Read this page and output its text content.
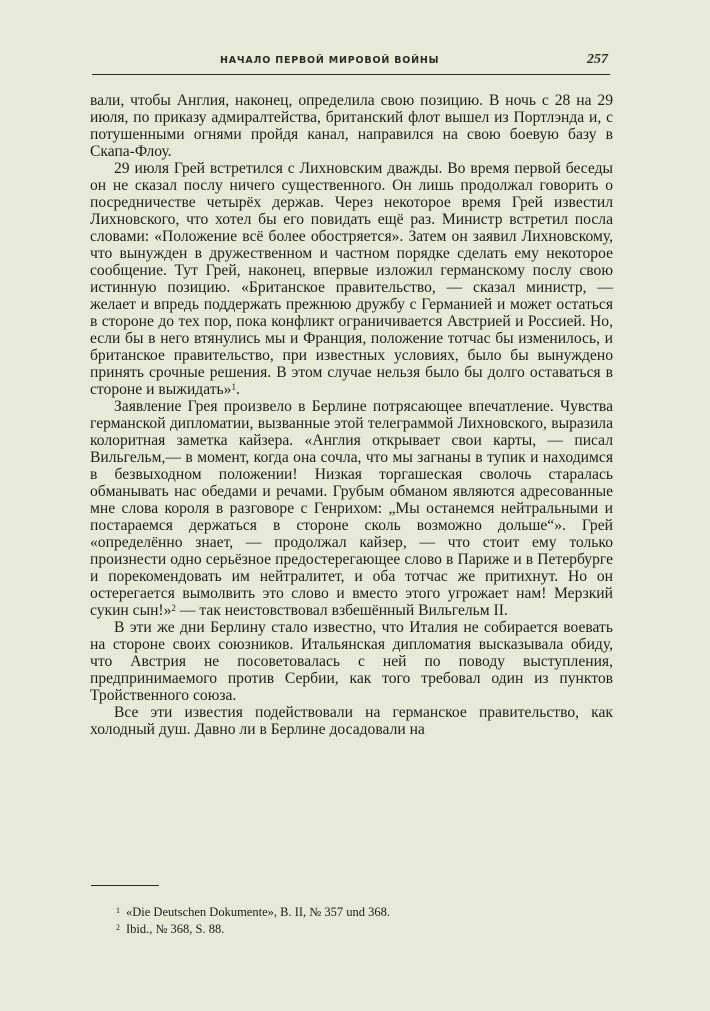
НАЧАЛО ПЕРВОЙ МИРОВОЙ ВОЙНЫ	257

вали, чтобы Англия, наконец, определила свою позицию. В ночь с 28 на 29 июля, по приказу адмиралтейства, британский флот вышел из Портлэнда и, с потушенными огнями пройдя канал, направился на свою боевую базу в Скапа-Флоу.

29 июля Грей встретился с Лихновским дважды. Во время первой беседы он не сказал послу ничего существенного. Он лишь продолжал говорить о посредничестве четырёх держав. Через некоторое время Грей известил Лихновского, что хотел бы его повидать ещё раз. Министр встретил посла словами: «Положение всё более обостряется». Затем он заявил Лихновскому, что вынужден в дружественном и частном порядке сделать ему некоторое сообщение. Тут Грей, наконец, впервые изложил германскому послу свою истинную позицию. «Британское правительство, — сказал министр, — желает и впредь поддержать прежнюю дружбу с Германией и может остаться в стороне до тех пор, пока конфликт ограничивается Австрией и Россией. Но, если бы в него втянулись мы и Франция, положение тотчас бы изменилось, и британское правительство, при известных условиях, было бы вынуждено принять срочные решения. В этом случае нельзя было бы долго оставаться в стороне и выжидать»$^1$.

Заявление Грея произвело в Берлине потрясающее впечатление. Чувства германской дипломатии, вызванные этой телеграммой Лихновского, выразила колоритная заметка кайзера. «Англия открывает свои карты, — писал Вильгельм,— в момент, когда она сочла, что мы загнаны в тупик и находимся в безвыходном положении! Низкая торгашеская сволочь старалась обманывать нас обедами и речами. Грубым обманом являются адресованные мне слова короля в разговоре с Генрихом: „Мы останемся нейтральными и постараемся держаться в стороне сколь возможно дольше“». Грей «определённо знает, — продолжал кайзер, — что стоит ему только произнести одно серьёзное предостерегающее слово в Париже и в Петербурге и порекомендовать им нейтралитет, и оба тотчас же притихнут. Но он остерегается вымолвить это слово и вместо этого угрожает нам! Мерзкий сукин сын!»$^2$ — так неистовствовал взбешённый Вильгельм II.

В эти же дни Берлину стало известно, что Италия не собирается воевать на стороне своих союзников. Итальянская дипломатия высказывала обиду, что Австрия не посоветовалась с ней по поводу выступления, предпринимаемого против Сербии, как того требовал один из пунктов Тройственного союза.

Все эти известия подействовали на германское правительство, как холодный душ. Давно ли в Берлине досадовали на

$^1$ «Die Deutschen Dokumente», B. II, № 357 und 368.
$^2$ Ibid., № 368, S. 88.
